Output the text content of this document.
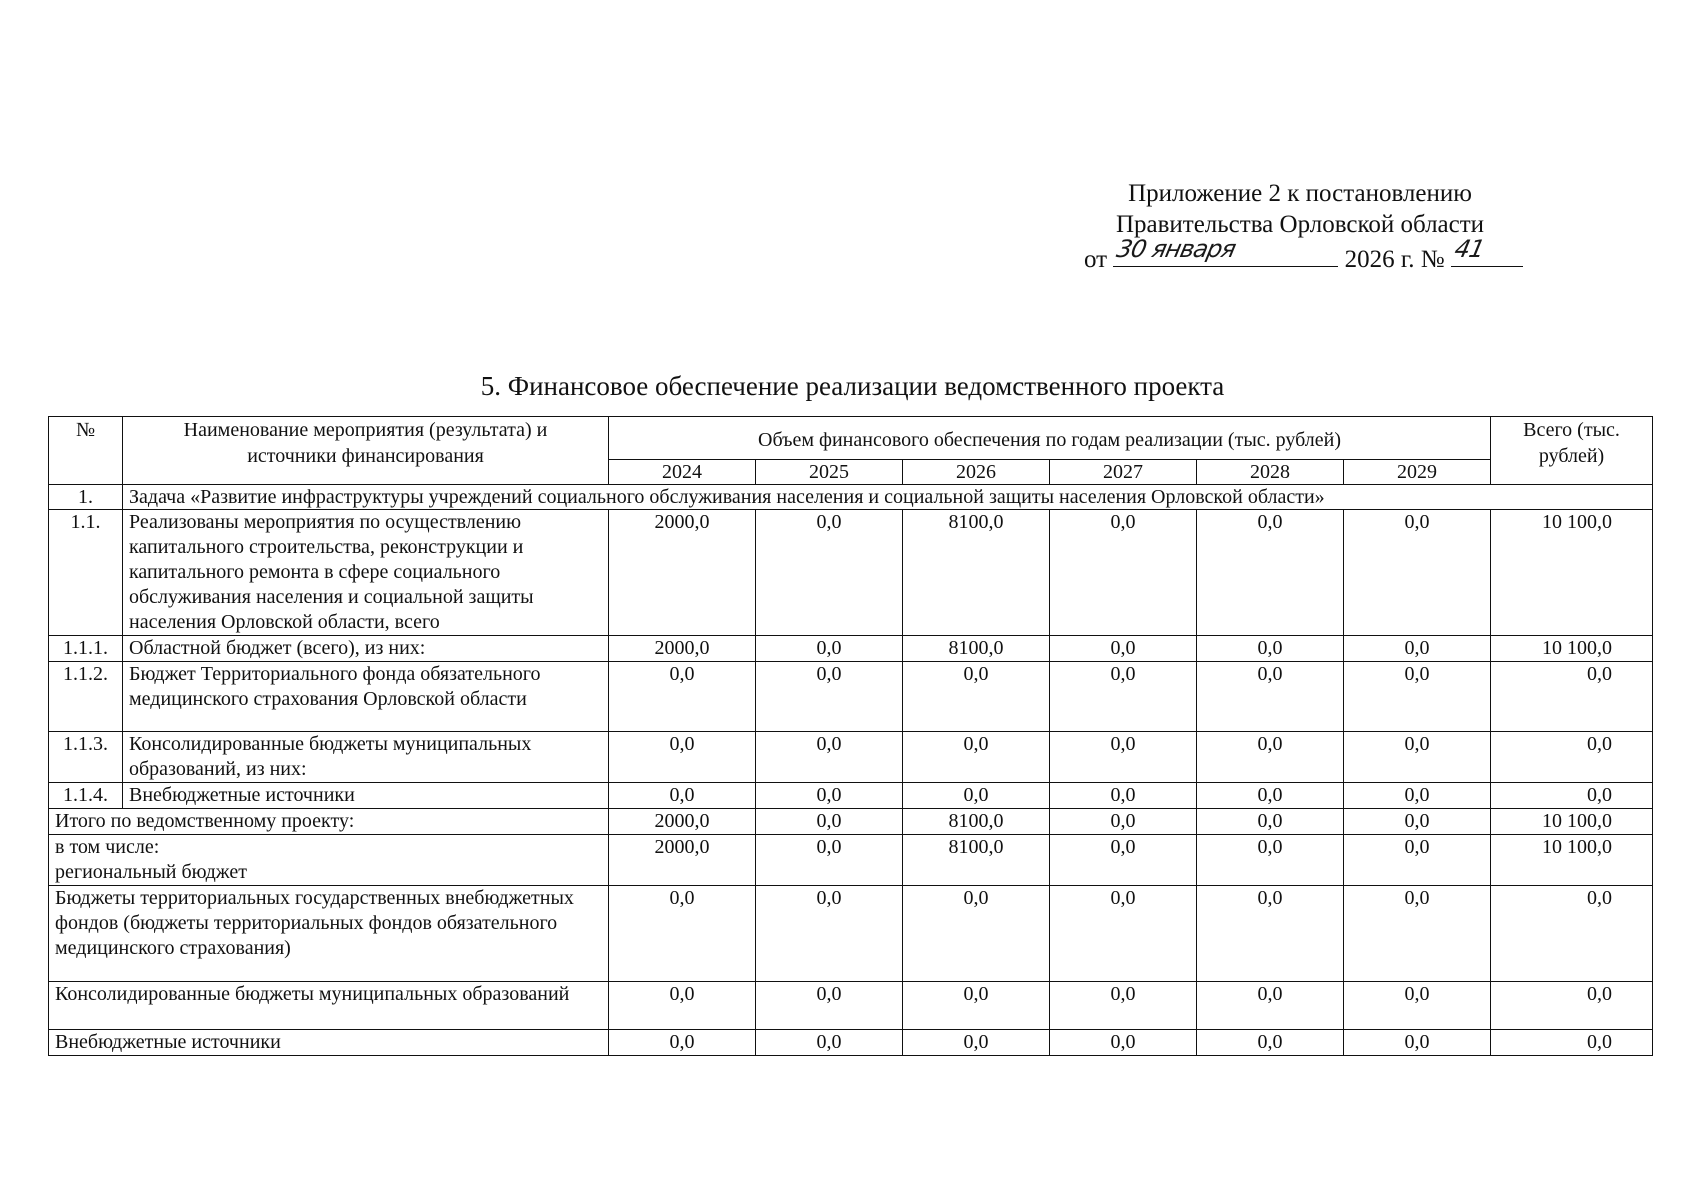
Приложение 2 к постановлению
Правительства Орловской области
от 30 января	2026 г. № 41
5. Финансовое обеспечение реализации ведомственного проекта
№	Наименование мероприятия (результата) и источники финансирования	Объем финансового обеспечения по годам реализации (тыс. рублей)						Всего (тыс. рублей)
		2024	2025	2026	2027	2028	2029	
1.	Задача «Развитие инфраструктуры учреждений социального обслуживания населения и социальной защиты населения Орловской области»							
1.1.	Реализованы мероприятия по осуществлению капитального строительства, реконструкции и капитального ремонта в сфере социального обслуживания населения и социальной защиты населения Орловской области, всего	2000,0	0,0	8100,0	0,0	0,0	0,0	10 100,0
1.1.1.	Областной бюджет (всего), из них:	2000,0	0,0	8100,0	0,0	0,0	0,0	10 100,0
1.1.2.	Бюджет Территориального фонда обязательного медицинского страхования Орловской области	0,0	0,0	0,0	0,0	0,0	0,0	0,0
1.1.3.	Консолидированные бюджеты муниципальных образований, из них:	0,0	0,0	0,0	0,0	0,0	0,0	0,0
1.1.4.	Внебюджетные источники	0,0	0,0	0,0	0,0	0,0	0,0	0,0
Итого по ведомственному проекту:		2000,0	0,0	8100,0	0,0	0,0	0,0	10 100,0
в том числе:
региональный бюджет		2000,0	0,0	8100,0	0,0	0,0	0,0	10 100,0
Бюджеты территориальных государственных внебюджетных фондов (бюджеты территориальных фондов обязательного медицинского страхования)		0,0	0,0	0,0	0,0	0,0	0,0	0,0
Консолидированные бюджеты муниципальных образований		0,0	0,0	0,0	0,0	0,0	0,0	0,0
Внебюджетные источники		0,0	0,0	0,0	0,0	0,0	0,0	0,0
